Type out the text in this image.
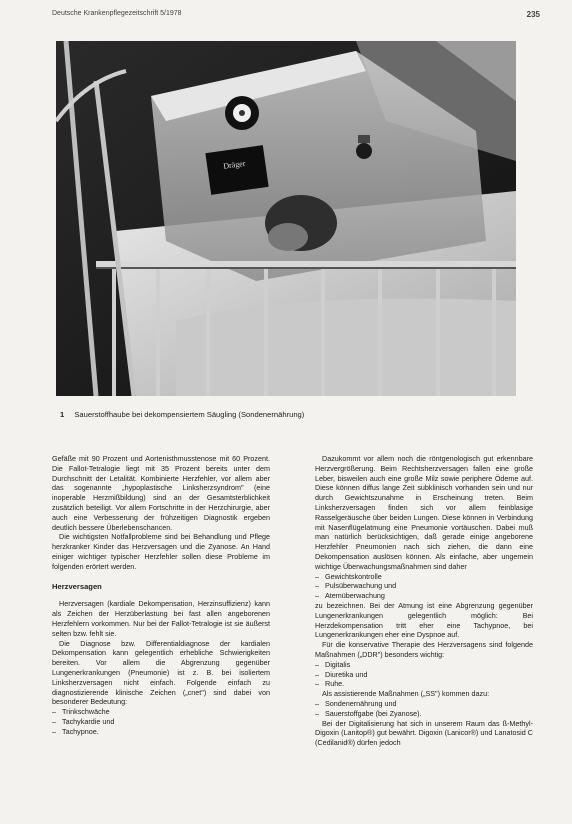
Deutsche Krankenpflegezeitschrift 5/1978	235
Dräger
1 Sauerstoffhaube bei dekompensiertem Säugling (Sondenernährung)

Gefäße mit 90 Prozent und Aortenisthmusstenose mit 60 Prozent. Die Fallot-Tetralogie liegt mit 35 Prozent bereits unter dem Durchschnitt der Letalität. Kombinierte Herzfehler, vor allem aber das sogenannte „hypoplastische Linksherzsyndrom" (eine inoperable Herzmißbildung) sind an der Gesamtsterblichkeit zusätzlich beteiligt. Vor allem Fortschritte in der Herzchirurgie, aber auch eine Verbesserung der frühzeitigen Diagnostik ergeben deutlich bessere Überlebenschancen.

Die wichtigsten Notfallprobleme sind bei Behandlung und Pflege herzkranker Kinder das Herzversagen und die Zyanose. An Hand einiger wichtiger typischer Herzfehler sollen diese Probleme im folgenden erörtert werden.

Herzversagen

Herzversagen (kardiale Dekompensation, Herzinsuffizienz) kann als Zeichen der Herzüberlastung bei fast allen angeborenen Herzfehlern vorkommen. Nur bei der Fallot-Tetralogie ist sie äußerst selten bzw. fehlt sie.

Die Diagnose bzw. Differentialdiagnose der kardialen Dekompensation kann gelegentlich erhebliche Schwierigkeiten bereiten. Vor allem die Abgrenzung gegenüber Lungenerkrankungen (Pneumonie) ist z. B. bei isoliertem Linksherzversagen nicht einfach. Folgende einfach zu diagnostizierende klinische Zeichen („cnet") sind dabei von besonderer Bedeutung:

– Trinkschwäche
– Tachykardie und
– Tachypnoe.

Dazukommt vor allem noch die röntgenologisch gut erkennbare Herzvergrößerung. Beim Rechtsherzversagen fallen eine große Leber, bisweilen auch eine große Milz sowie periphere Ödeme auf. Diese können diffus lange Zeit subklinisch vorhanden sein und nur durch Gewichtszunahme in Erscheinung treten. Beim Linksherzversagen finden sich vor allem feinblasige Rasselgeräusche über beiden Lungen. Diese können in Verbindung mit Nasenflügelatmung eine Pneumonie vortäuschen. Dabei muß man natürlich berücksichtigen, daß gerade einige angeborene Herzfehler Pneumonien nach sich ziehen, die dann eine Dekompensation auslösen können. Als einfache, aber ungemein wichtige Überwachungsmaßnahmen sind daher

– Gewichtskontrolle
– Pulsüberwachung und
– Atemüberwachung

zu bezeichnen. Bei der Atmung ist eine Abgrenzung gegenüber Lungenerkrankungen gelegentlich möglich: Bei Herzdekompensation tritt eher eine Tachypnoe, bei Lungenerkrankungen eher eine Dyspnoe auf.

Für die konservative Therapie des Herzversagens sind folgende Maßnahmen („DDR") besonders wichtig:

– Digitalis
– Diuretika und
– Ruhe.

Als assistierende Maßnahmen („SS") kommen dazu:

– Sondenernährung und
– Sauerstoffgabe (bei Zyanose).

Bei der Digitalisierung hat sich in unserem Raum das ß-Methyl-Digoxin (Lanitop®) gut bewährt. Digoxin (Lanicor®) und Lanatosid C (Cedilanid®) dürfen jedoch
